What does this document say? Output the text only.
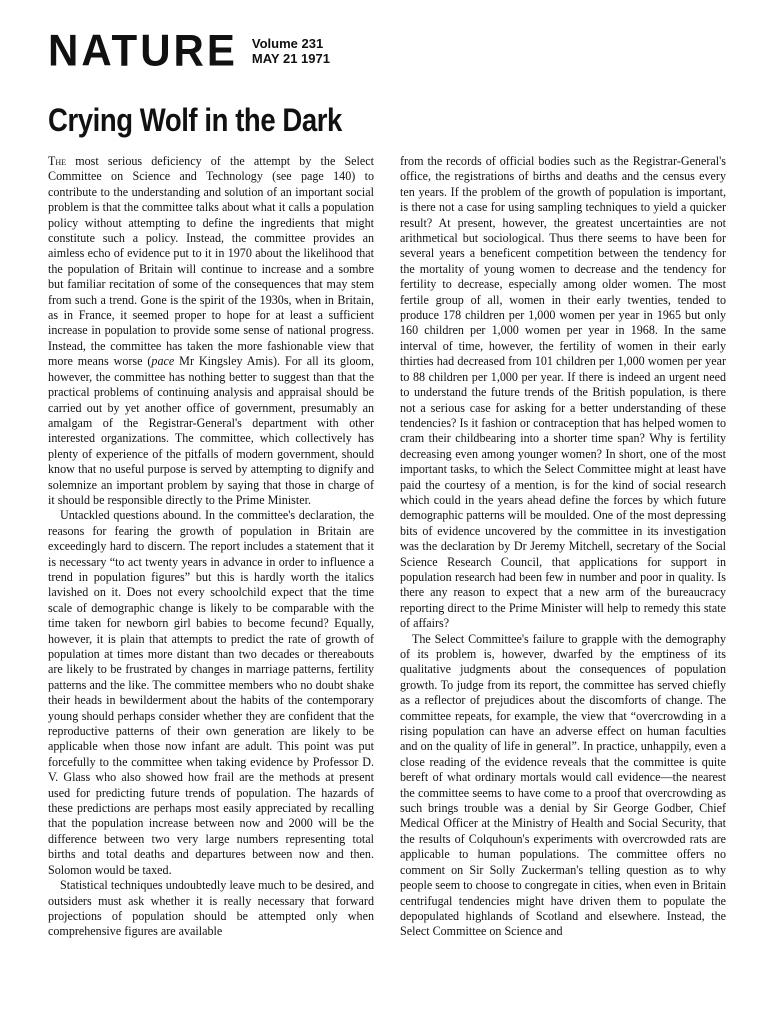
NATURE Volume 231
MAY 21 1971
Crying Wolf in the Dark

The most serious deficiency of the attempt by the Select Committee on Science and Technology (see page 140) to contribute to the understanding and solution of an important social problem is that the committee talks about what it calls a population policy without attempting to define the ingredients that might constitute such a policy. Instead, the committee provides an aimless echo of evidence put to it in 1970 about the likelihood that the population of Britain will continue to increase and a sombre but familiar recitation of some of the consequences that may stem from such a trend. Gone is the spirit of the 1930s, when in Britain, as in France, it seemed proper to hope for at least a sufficient increase in population to provide some sense of national progress. Instead, the committee has taken the more fashionable view that more means worse (pace Mr Kingsley Amis). For all its gloom, however, the committee has nothing better to suggest than that the practical problems of continuing analysis and appraisal should be carried out by yet another office of government, presumably an amalgam of the Registrar-General's department with other interested organizations. The committee, which collectively has plenty of experience of the pitfalls of modern government, should know that no useful purpose is served by attempting to dignify and solemnize an important problem by saying that those in charge of it should be responsible directly to the Prime Minister.

Untackled questions abound. In the committee's declaration, the reasons for fearing the growth of population in Britain are exceedingly hard to discern. The report includes a statement that it is necessary “to act twenty years in advance in order to influence a trend in population figures” but this is hardly worth the italics lavished on it. Does not every schoolchild expect that the time scale of demographic change is likely to be comparable with the time taken for newborn girl babies to become fecund? Equally, however, it is plain that attempts to predict the rate of growth of population at times more distant than two decades or thereabouts are likely to be frustrated by changes in marriage patterns, fertility patterns and the like. The committee members who no doubt shake their heads in bewilderment about the habits of the contemporary young should perhaps consider whether they are confident that the reproductive patterns of their own generation are likely to be applicable when those now infant are adult. This point was put forcefully to the committee when taking evidence by Professor D. V. Glass who also showed how frail are the methods at present used for predicting future trends of population. The hazards of these predictions are perhaps most easily appreciated by recalling that the population increase between now and 2000 will be the difference between two very large numbers representing total births and total deaths and departures between now and then. Solomon would be taxed.

Statistical techniques undoubtedly leave much to be desired, and outsiders must ask whether it is really necessary that forward projections of population should be attempted only when comprehensive figures are available

from the records of official bodies such as the Registrar-General's office, the registrations of births and deaths and the census every ten years. If the problem of the growth of population is important, is there not a case for using sampling techniques to yield a quicker result? At present, however, the greatest uncertainties are not arithmetical but sociological. Thus there seems to have been for several years a beneficent competition between the tendency for the mortality of young women to decrease and the tendency for fertility to decrease, especially among older women. The most fertile group of all, women in their early twenties, tended to produce 178 children per 1,000 women per year in 1965 but only 160 children per 1,000 women per year in 1968. In the same interval of time, however, the fertility of women in their early thirties had decreased from 101 children per 1,000 women per year to 88 children per 1,000 per year. If there is indeed an urgent need to understand the future trends of the British population, is there not a serious case for asking for a better understanding of these tendencies? Is it fashion or contraception that has helped women to cram their childbearing into a shorter time span? Why is fertility decreasing even among younger women? In short, one of the most important tasks, to which the Select Committee might at least have paid the courtesy of a mention, is for the kind of social research which could in the years ahead define the forces by which future demographic patterns will be moulded. One of the most depressing bits of evidence uncovered by the committee in its investigation was the declaration by Dr Jeremy Mitchell, secretary of the Social Science Research Council, that applications for support in population research had been few in number and poor in quality. Is there any reason to expect that a new arm of the bureaucracy reporting direct to the Prime Minister will help to remedy this state of affairs?

The Select Committee's failure to grapple with the demography of its problem is, however, dwarfed by the emptiness of its qualitative judgments about the consequences of population growth. To judge from its report, the committee has served chiefly as a reflector of prejudices about the discomforts of change. The committee repeats, for example, the view that “overcrowding in a rising population can have an adverse effect on human faculties and on the quality of life in general”. In practice, unhappily, even a close reading of the evidence reveals that the committee is quite bereft of what ordinary mortals would call evidence—the nearest the committee seems to have come to a proof that overcrowding as such brings trouble was a denial by Sir George Godber, Chief Medical Officer at the Ministry of Health and Social Security, that the results of Colquhoun's experiments with overcrowded rats are applicable to human populations. The committee offers no comment on Sir Solly Zuckerman's telling question as to why people seem to choose to congregate in cities, when even in Britain centrifugal tendencies might have driven them to populate the depopulated highlands of Scotland and elsewhere. Instead, the Select Committee on Science and
